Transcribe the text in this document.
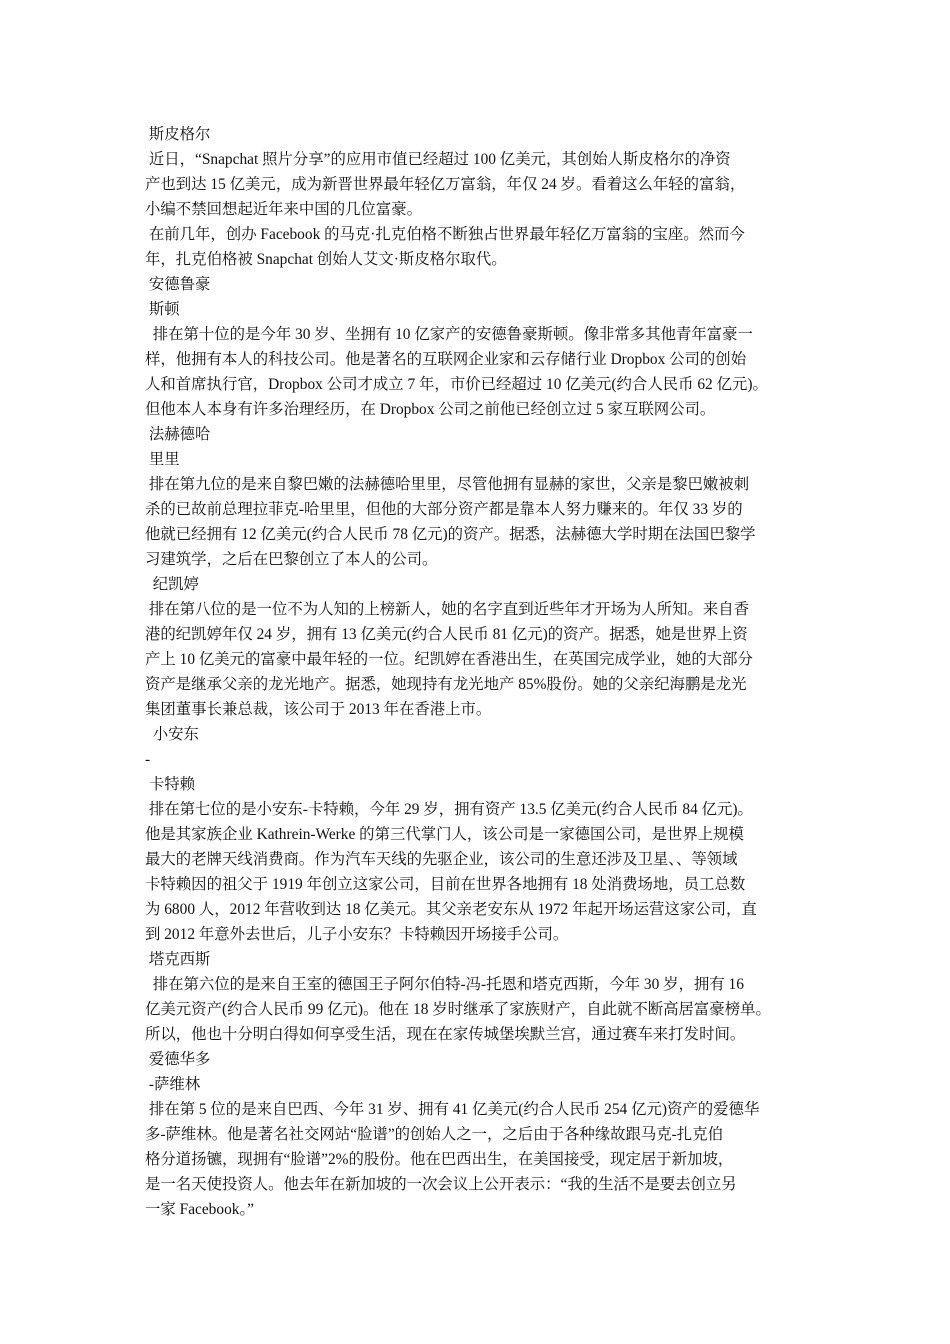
斯皮格尔
近日，“Snapchat 照片分享”的应用市值已经超过 100 亿美元，其创始人斯皮格尔的净资
产也到达 15 亿美元，成为新晋世界最年轻亿万富翁，年仅 24 岁。看着这么年轻的富翁，
小编不禁回想起近年来中国的几位富豪。
在前几年，创办 Facebook 的马克·扎克伯格不断独占世界最年轻亿万富翁的宝座。然而今
年，扎克伯格被 Snapchat 创始人艾文·斯皮格尔取代。
安德鲁豪
斯顿
排在第十位的是今年 30 岁、坐拥有 10 亿家产的安德鲁豪斯顿。像非常多其他青年富豪一
样，他拥有本人的科技公司。他是著名的互联网企业家和云存储行业 Dropbox 公司的创始
人和首席执行官，Dropbox 公司才成立 7 年，市价已经超过 10 亿美元(约合人民币 62 亿元)。
但他本人本身有许多治理经历，在 Dropbox 公司之前他已经创立过 5 家互联网公司。
法赫德哈
里里
排在第九位的是来自黎巴嫩的法赫德哈里里，尽管他拥有显赫的家世，父亲是黎巴嫩被刺
杀的已故前总理拉菲克-哈里里，但他的大部分资产都是靠本人努力赚来的。年仅 33 岁的
他就已经拥有 12 亿美元(约合人民币 78 亿元)的资产。据悉，法赫德大学时期在法国巴黎学
习建筑学，之后在巴黎创立了本人的公司。
纪凯婷
排在第八位的是一位不为人知的上榜新人，她的名字直到近些年才开场为人所知。来自香
港的纪凯婷年仅 24 岁，拥有 13 亿美元(约合人民币 81 亿元)的资产。据悉，她是世界上资
产上 10 亿美元的富豪中最年轻的一位。纪凯婷在香港出生，在英国完成学业，她的大部分
资产是继承父亲的龙光地产。据悉，她现持有龙光地产 85%股份。她的父亲纪海鹏是龙光
集团董事长兼总裁，该公司于 2013 年在香港上市。
小安东
-
卡特赖
排在第七位的是小安东-卡特赖，今年 29 岁，拥有资产 13.5 亿美元(约合人民币 84 亿元)。
他是其家族企业 Kathrein-Werke 的第三代掌门人，该公司是一家德国公司，是世界上规模
最大的老牌天线消费商。作为汽车天线的先驱企业，该公司的生意还涉及卫星、、等领域
卡特赖因的祖父于 1919 年创立这家公司，目前在世界各地拥有 18 处消费场地，员工总数
为 6800 人，2012 年营收到达 18 亿美元。其父亲老安东从 1972 年起开场运营这家公司，直
到 2012 年意外去世后，儿子小安东？卡特赖因开场接手公司。
塔克西斯
排在第六位的是来自王室的德国王子阿尔伯特-冯-托恩和塔克西斯，今年 30 岁，拥有 16
亿美元资产(约合人民币 99 亿元)。他在 18 岁时继承了家族财产，自此就不断高居富豪榜单。
所以，他也十分明白得如何享受生活，现在在家传城堡埃默兰宫，通过赛车来打发时间。
爱德华多
-萨维林
排在第 5 位的是来自巴西、今年 31 岁、拥有 41 亿美元(约合人民币 254 亿元)资产的爱德华
多-萨维林。他是著名社交网站“脸谱”的创始人之一，之后由于各种缘故跟马克-扎克伯
格分道扬镳，现拥有“脸谱”2%的股份。他在巴西出生，在美国接受，现定居于新加坡，
是一名天使投资人。他去年在新加坡的一次会议上公开表示：“我的生活不是要去创立另
一家 Facebook。”
